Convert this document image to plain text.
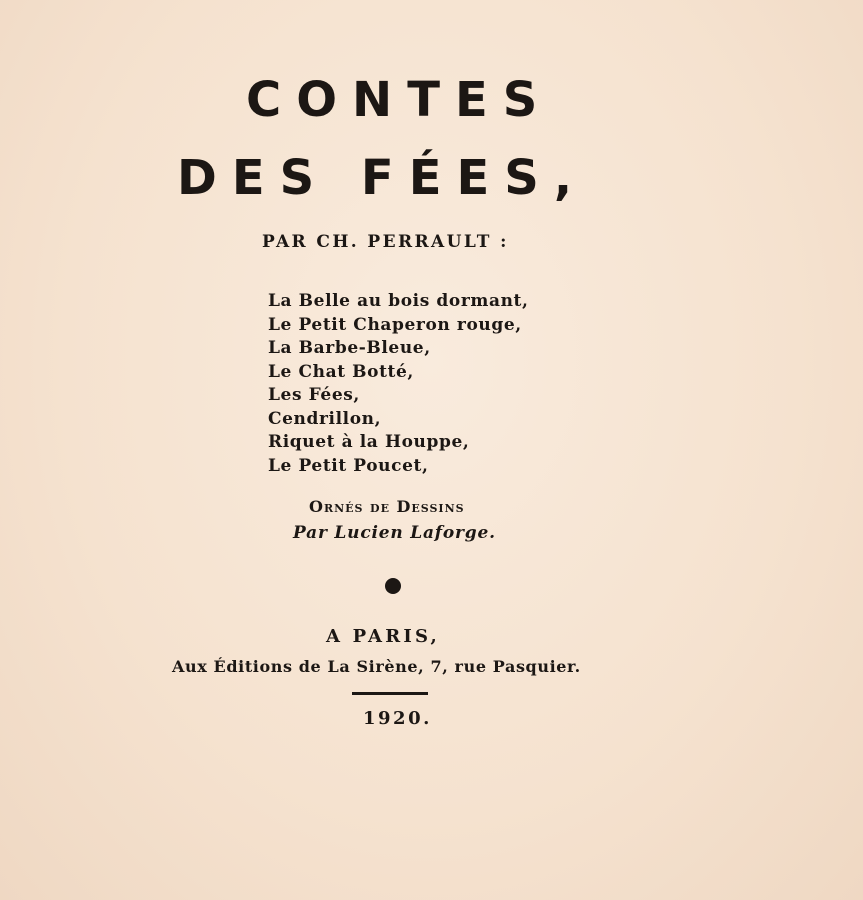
CONTES
DES FÉES,
PAR CH. PERRAULT :
La Belle au bois dormant,
Le Petit Chaperon rouge,
La Barbe-Bleue,
Le Chat Botté,
Les Fées,
Cendrillon,
Riquet à la Houppe,
Le Petit Poucet,
Ornés de Dessins
Par Lucien Laforge.
A PARIS,
Aux Éditions de La Sirène, 7, rue Pasquier.
1920.
